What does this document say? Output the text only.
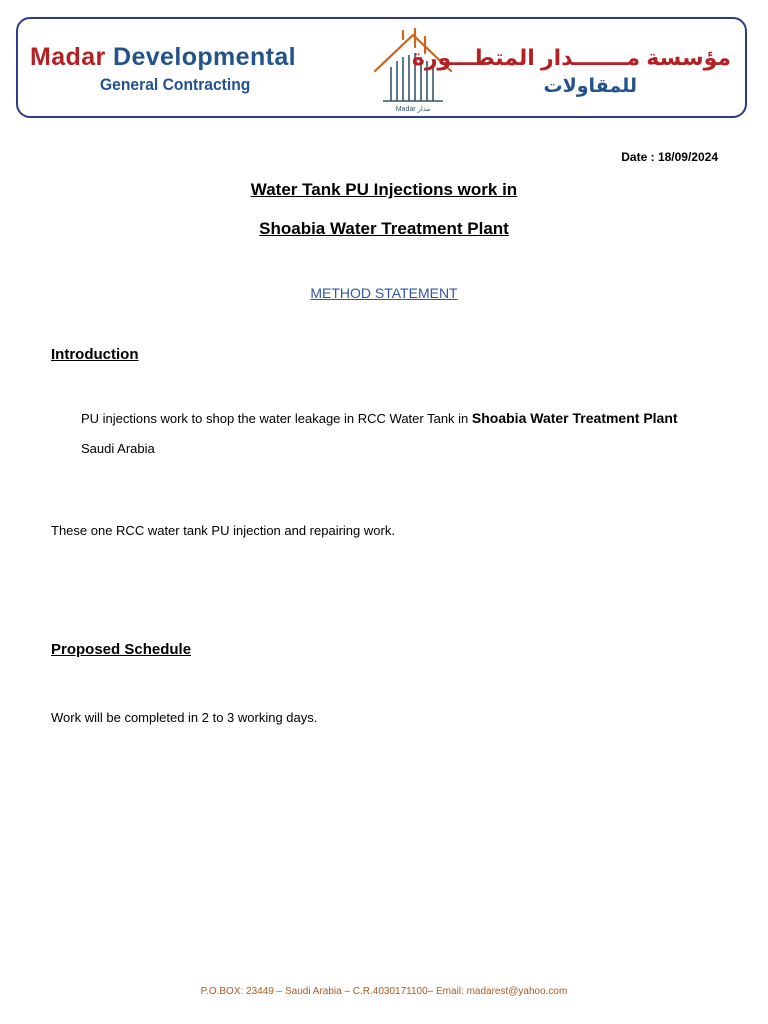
Madar Developmental
General Contracting
Madar مدار
مؤسسة مـــــــدار المتطـــورة
للمقاولات
Date : 18/09/2024
Water Tank PU Injections work in
Shoabia Water Treatment Plant
METHOD STATEMENT
Introduction
PU injections work to shop the water leakage in RCC Water Tank in Shoabia Water Treatment Plant
Saudi Arabia
These one RCC water tank PU injection and repairing work.
Proposed Schedule
Work will be completed in 2 to 3 working days.
P.O.BOX: 23449 – Saudi Arabia – C.R.4030171100– Email: madarest@yahoo.com
